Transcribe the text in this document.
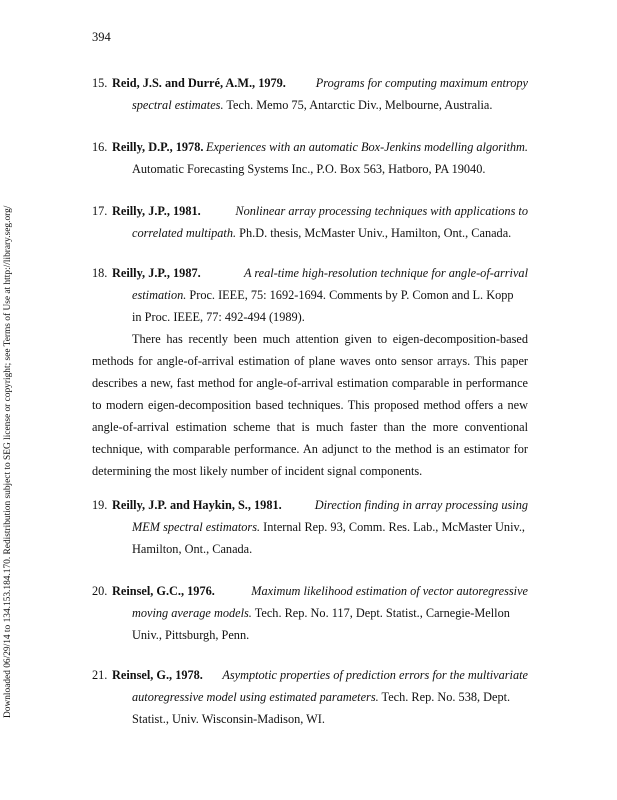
394
Downloaded 06/29/14 to 134.153.184.170. Redistribution subject to SEG license or copyright; see Terms of Use at http://library.seg.org/
15. Reid, J.S. and Durré, A.M., 1979. Programs for computing maximum entropy
spectral estimates. Tech. Memo 75, Antarctic Div., Melbourne, Australia.
16. Reilly, D.P., 1978. Experiences with an automatic Box-Jenkins modelling algorithm.
Automatic Forecasting Systems Inc., P.O. Box 563, Hatboro, PA 19040.
17. Reilly, J.P., 1981.	Nonlinear array processing techniques with applications to
correlated multipath. Ph.D. thesis, McMaster Univ., Hamilton, Ont., Canada.
18. Reilly, J.P., 1987.	A real-time high-resolution technique for angle-of-arrival
estimation. Proc. IEEE, 75: 1692-1694. Comments by P. Comon and L. Kopp
in Proc. IEEE, 77: 492-494 (1989).
There has recently been much attention given to eigen-decomposition-based
methods for angle-of-arrival estimation of plane waves onto sensor arrays. This paper
describes a new, fast method for angle-of-arrival estimation comparable in performance
to modern eigen-decomposition based techniques. This proposed method offers a new
angle-of-arrival estimation scheme that is much faster than the more conventional
technique, with comparable performance. An adjunct to the method is an estimator for
determining the most likely number of incident signal components.
19. Reilly, J.P. and Haykin, S., 1981.	Direction finding in array processing using
MEM spectral estimators. Internal Rep. 93, Comm. Res. Lab., McMaster Univ.,
Hamilton, Ont., Canada.
20. Reinsel, G.C., 1976.	Maximum likelihood estimation of vector autoregressive
moving average models. Tech. Rep. No. 117, Dept. Statist., Carnegie-Mellon
Univ., Pittsburgh, Penn.
21. Reinsel, G., 1978. Asymptotic properties of prediction errors for the multivariate
autoregressive model using estimated parameters. Tech. Rep. No. 538, Dept.
Statist., Univ. Wisconsin-Madison, WI.
